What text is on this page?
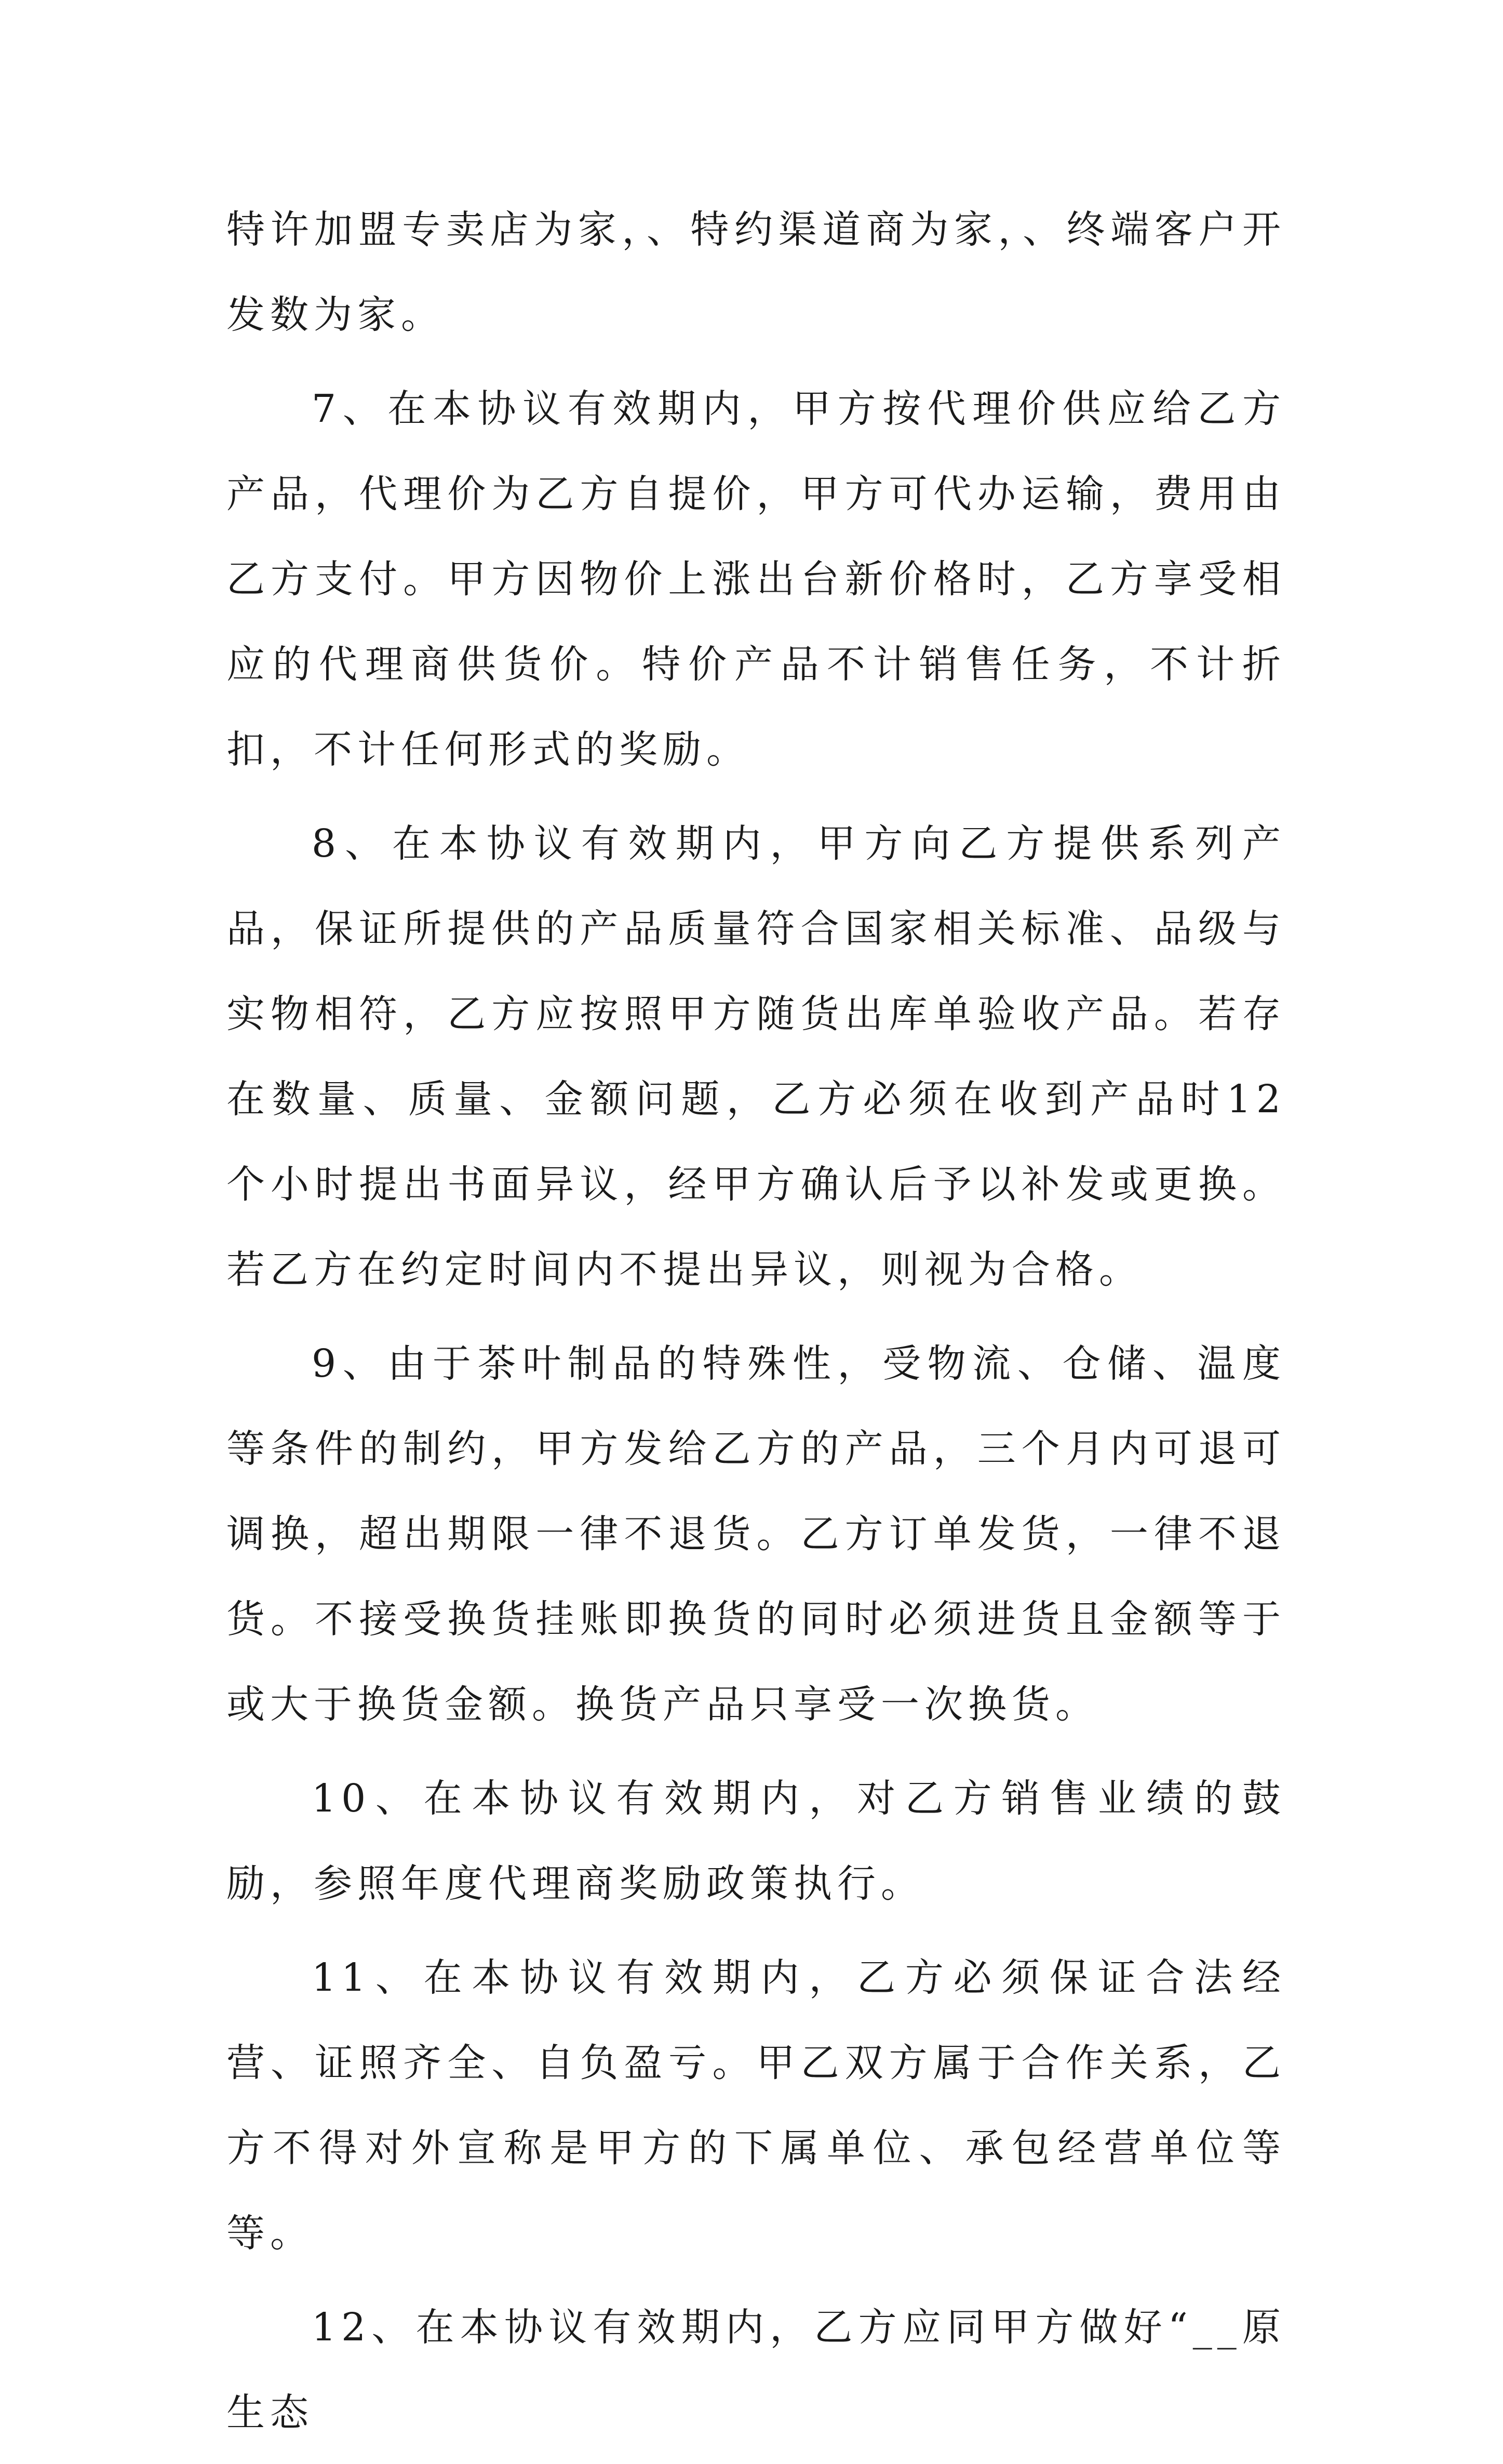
特许加盟专卖店为家，、特约渠道商为家，、终端客户开发数为家。

7、在本协议有效期内，甲方按代理价供应给乙方产品，代理价为乙方自提价，甲方可代办运输，费用由乙方支付。甲方因物价上涨出台新价格时，乙方享受相应的代理商供货价。特价产品不计销售任务，不计折扣，不计任何形式的奖励。

8、在本协议有效期内，甲方向乙方提供系列产品，保证所提供的产品质量符合国家相关标准、品级与实物相符，乙方应按照甲方随货出库单验收产品。若存在数量、质量、金额问题，乙方必须在收到产品时12个小时提出书面异议，经甲方确认后予以补发或更换。若乙方在约定时间内不提出异议，则视为合格。

9、由于茶叶制品的特殊性，受物流、仓储、温度等条件的制约，甲方发给乙方的产品，三个月内可退可调换，超出期限一律不退货。乙方订单发货，一律不退货。不接受换货挂账即换货的同时必须进货且金额等于或大于换货金额。换货产品只享受一次换货。

10、在本协议有效期内，对乙方销售业绩的鼓励，参照年度代理商奖励政策执行。

11、在本协议有效期内，乙方必须保证合法经营、证照齐全、自负盈亏。甲乙双方属于合作关系，乙方不得对外宣称是甲方的下属单位、承包经营单位等等。

12、在本协议有效期内，乙方应同甲方做好“__原生态
